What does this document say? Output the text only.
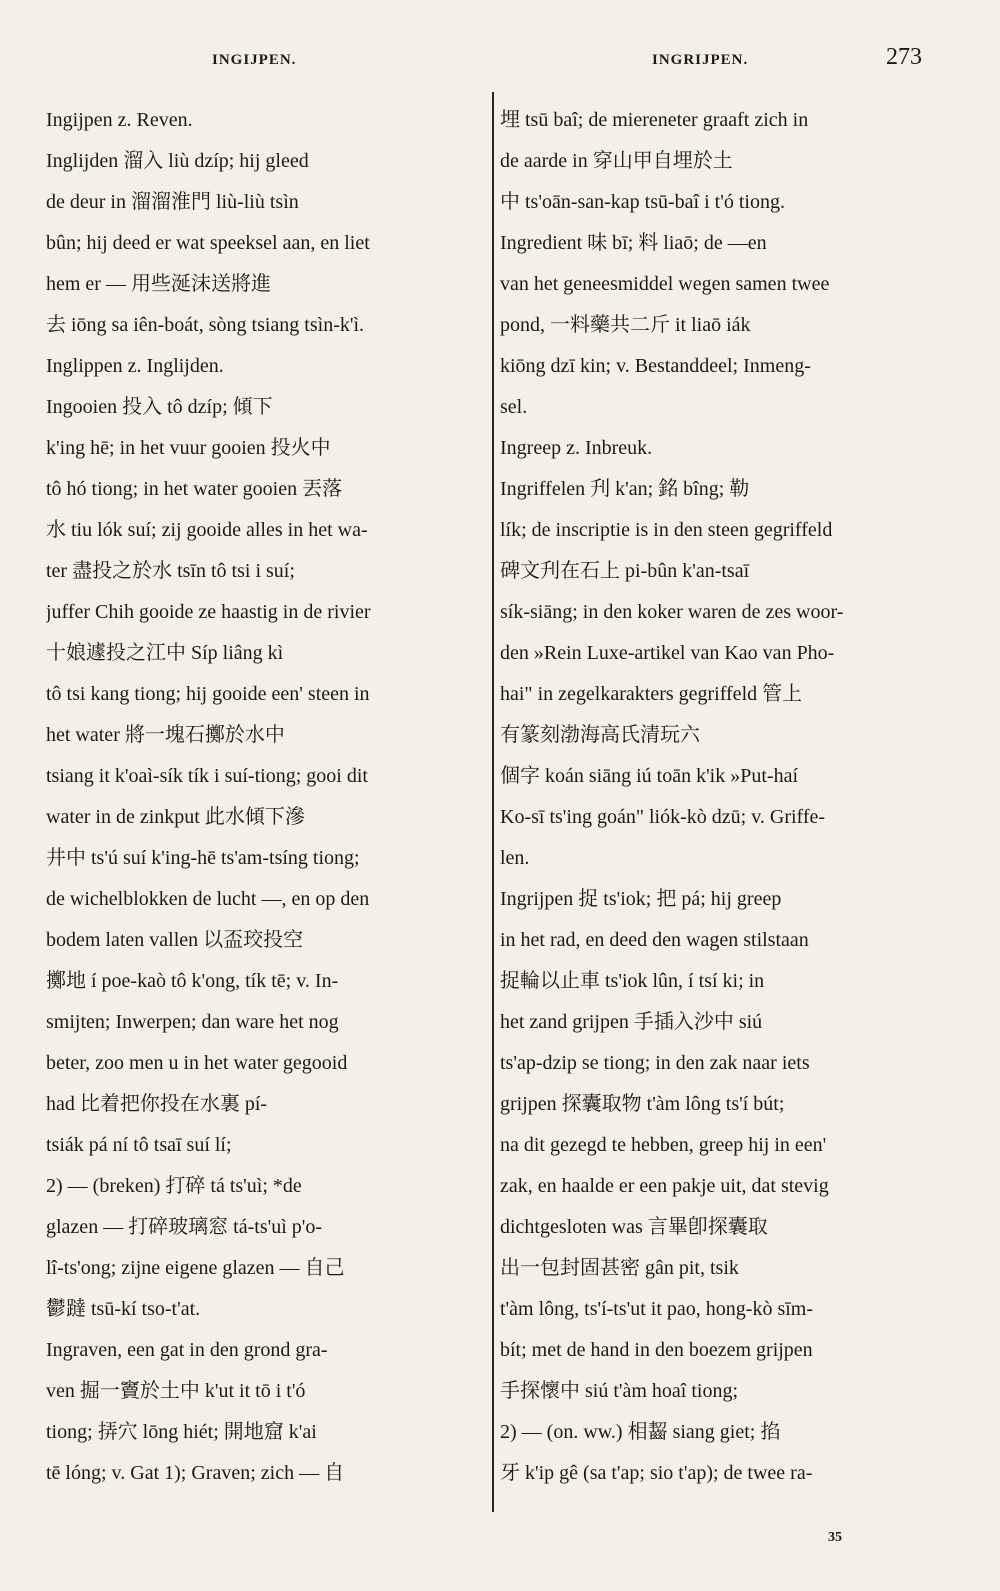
INGIJPEN.	INGRIJPEN.	273
Ingijpen z. Reven.
Inglijden 溜入 liù dzíp; hij gleed
de deur in 溜溜淮門 liù-liù tsìn
bûn; hij deed er wat speeksel aan, en liet
hem er — 用些涎沫送將進
去 iōng sa iên-boát, sòng tsiang tsìn-k'ì.
Inglippen z. Inglijden.
Ingooien 投入 tô dzíp; 傾下
k'ing hē; in het vuur gooien 投火中
tô hó tiong; in het water gooien 丟落
水 tiu lók suí; zij gooide alles in het wa-
ter 盡投之於水 tsīn tô tsi i suí;
juffer Chih gooide ze haastig in de rivier
十娘遽投之江中 Síp liâng kì
tô tsi kang tiong; hij gooide een' steen in
het water 將一塊石擲於水中
tsiang it k'oaì-sík tík i suí-tiong; gooi dit
water in de zinkput 此水傾下滲
井中 ts'ú suí k'ing-hē ts'am-tsíng tiong;
de wichelblokken de lucht —, en op den
bodem laten vallen 以盃珓投空
擲地 í poe-kaò tô k'ong, tík tē; v. In-
smijten; Inwerpen; dan ware het nog
beter, zoo men u in het water gegooid
had 比着把你投在水裏 pí-
tsiák pá ní tô tsaī suí lí;
2) — (breken) 打碎 tá ts'uì; *de
glazen — 打碎玻璃窓 tá-ts'uì p'o-
lî-ts'ong; zijne eigene glazen — 自己
鬱躂 tsū-kí tso-t'at.
Ingraven, een gat in den grond gra-
ven 掘一竇於土中 k'ut it tō i t'ó
tiong; 挵穴 lōng hiét; 開地窟 k'ai
tē lóng; v. Gat 1); Graven; zich — 自
埋 tsū baî; de miereneter graaft zich in
de aarde in 穿山甲自埋於土
中 ts'oān-san-kap tsū-baî i t'ó tiong.
Ingredient 味 bī; 料 liaō; de —en
van het geneesmiddel wegen samen twee
pond, 一料藥共二斤 it liaō iák
kiōng dzī kin; v. Bestanddeel; Inmeng-
sel.
Ingreep z. Inbreuk.
Ingriffelen 刋 k'an; 銘 bîng; 勒
lík; de inscriptie is in den steen gegriffeld
碑文刋在石上 pi-bûn k'an-tsaī
sík-siāng; in den koker waren de zes woor-
den »Rein Luxe-artikel van Kao van Pho-
hai" in zegelkarakters gegriffeld 管上
有篆刻渤海高氏清玩六
個字 koán siāng iú toān k'ik »Put-haí
Ko-sī ts'ing goán" liók-kò dzū; v. Griffe-
len.
Ingrijpen 捉 ts'iok; 把 pá; hij greep
in het rad, en deed den wagen stilstaan
捉輪以止車 ts'iok lûn, í tsí ki; in
het zand grijpen 手插入沙中 siú
ts'ap-dzip se tiong; in den zak naar iets
grijpen 探囊取物 t'àm lông ts'í bút;
na dit gezegd te hebben, greep hij in een'
zak, en haalde er een pakje uit, dat stevig
dichtgesloten was 言畢卽探囊取
出一包封固甚密 gân pit, tsik
t'àm lông, ts'í-ts'ut it pao, hong-kò sīm-
bít; met de hand in den boezem grijpen
手探懷中 siú t'àm hoaî tiong;
2) — (on. ww.) 相齧 siang giet; 掐
牙 k'ip gê (sa t'ap; sio t'ap); de twee ra-
35
